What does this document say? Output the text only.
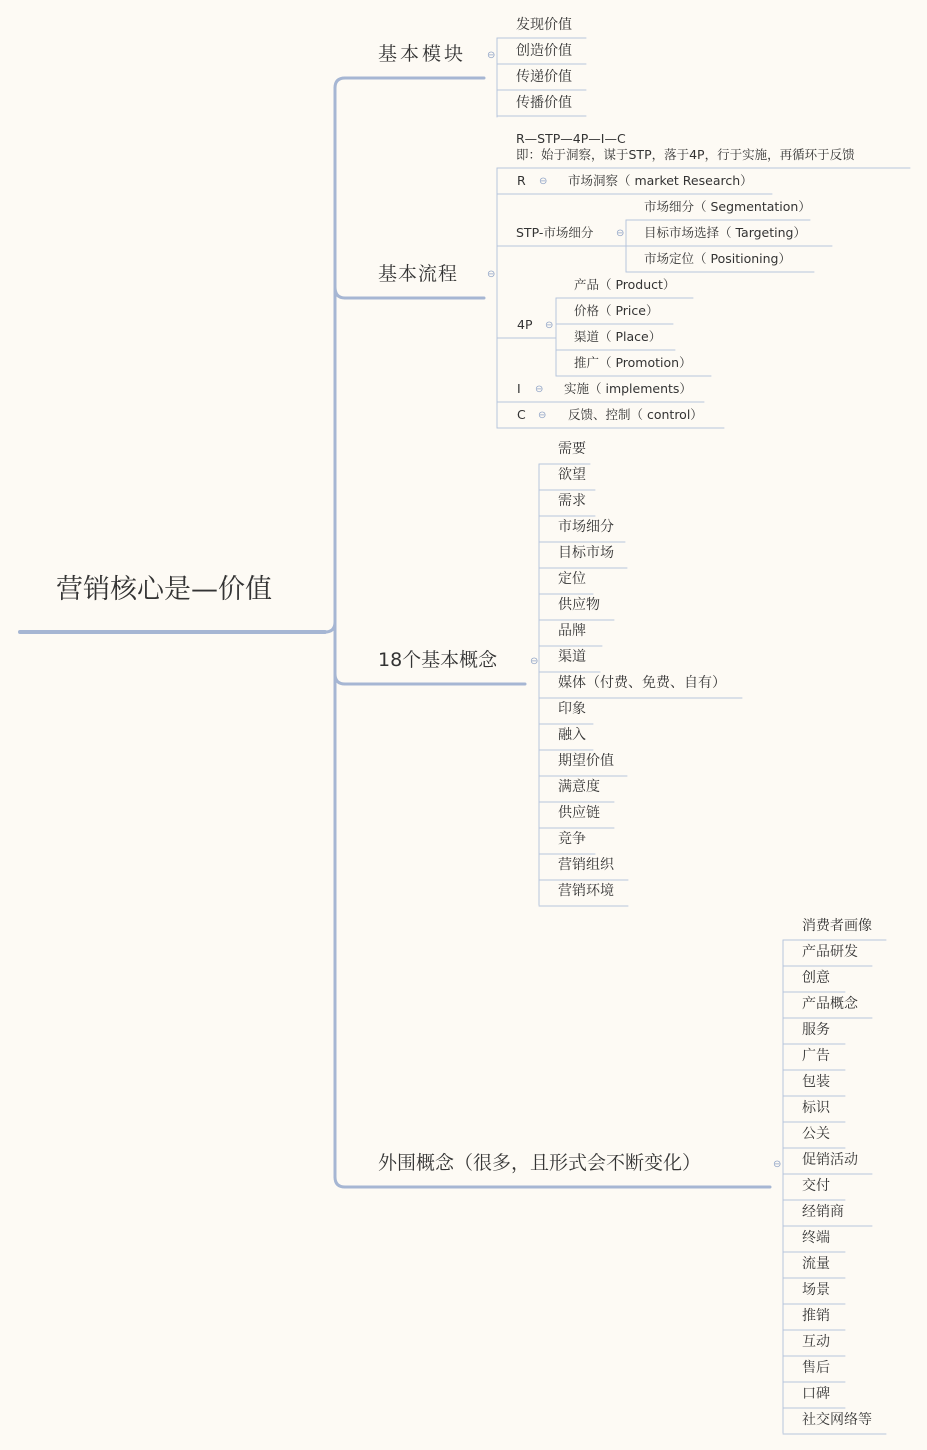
营销核心是—价值
基本模块 ⊖
发现价值
创造价值
传递价值
传播价值
基本流程	⊖
R—STP—4P—I—C
即：始于洞察，谋于STP，落于4P，行于实施，再循环于反馈
R ⊖ 市场洞察（ market Research）
STP-市场细分 ⊖
市场细分（ Segmentation）
目标市场选择（ Targeting）
市场定位（ Positioning）
4P ⊖
产品（ Product）
价格（ Price）
渠道（ Place）
推广（ Promotion）
I ⊖ 实施（ implements）
C ⊖ 反馈、控制（ control）
18个基本概念	⊖
需要
欲望
需求
市场细分
目标市场
定位
供应物
品牌
渠道
媒体（付费、免费、自有）
印象
融入
期望价值
满意度
供应链
竞争
营销组织
营销环境
外围概念（很多，且形式会不断变化）	⊖
消费者画像
产品研发
创意
产品概念
服务
广告
包装
标识
公关
促销活动
交付
经销商
终端
流量
场景
推销
互动
售后
口碑
社交网络等
